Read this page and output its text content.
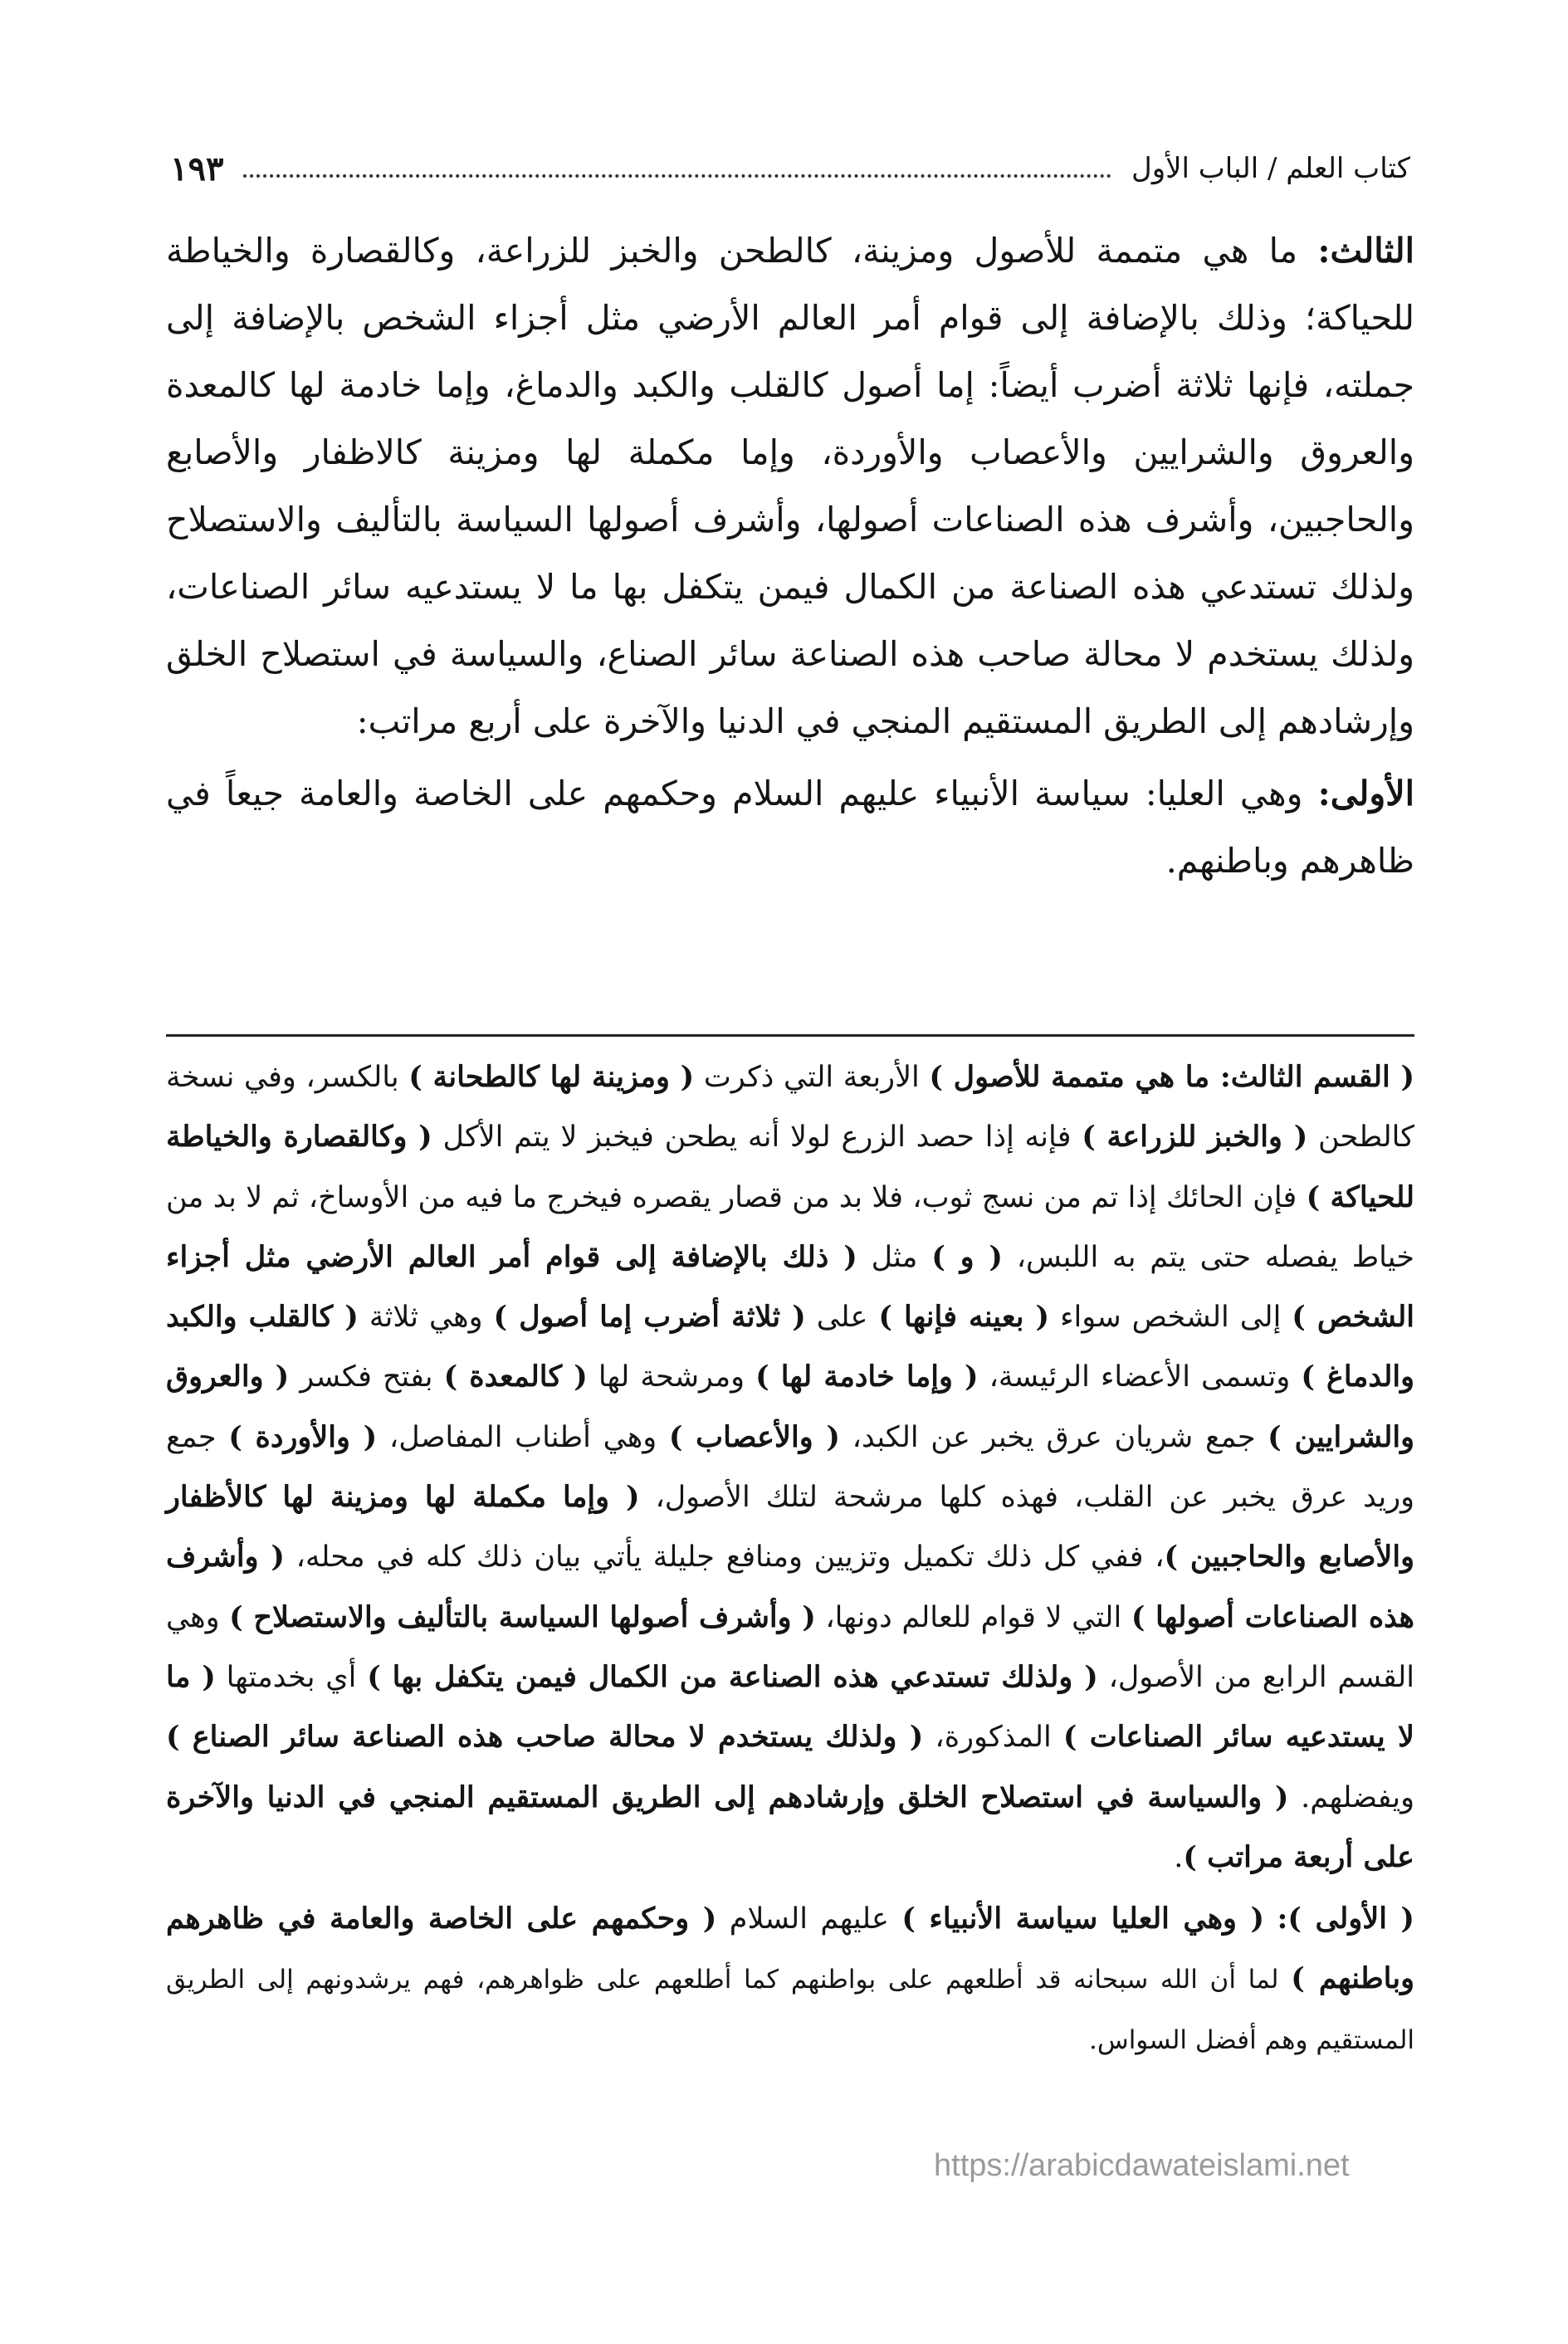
كتاب العلم / الباب الأول
١٩٣

الثالث: ما هي متممة للأصول ومزينة، كالطحن والخبز للزراعة، وكالقصارة والخياطة للحياكة؛ وذلك بالإضافة إلى قوام أمر العالم الأرضي مثل أجزاء الشخص بالإضافة إلى جملته، فإنها ثلاثة أضرب أيضاً: إما أصول كالقلب والكبد والدماغ، وإما خادمة لها كالمعدة والعروق والشرايين والأعصاب والأوردة، وإما مكملة لها ومزينة كالاظفار والأصابع والحاجبين، وأشرف هذه الصناعات أصولها، وأشرف أصولها السياسة بالتأليف والاستصلاح ولذلك تستدعي هذه الصناعة من الكمال فيمن يتكفل بها ما لا يستدعيه سائر الصناعات، ولذلك يستخدم لا محالة صاحب هذه الصناعة سائر الصناع، والسياسة في استصلاح الخلق وإرشادهم إلى الطريق المستقيم المنجي في الدنيا والآخرة على أربع مراتب:

الأولى: وهي العليا: سياسة الأنبياء عليهم السلام وحكمهم على الخاصة والعامة جيعاً في ظاهرهم وباطنهم.

( القسم الثالث: ما هي متممة للأصول ) الأربعة التي ذكرت ( ومزينة لها كالطحانة ) بالكسر، وفي نسخة كالطحن ( والخبز للزراعة ) فإنه إذا حصد الزرع لولا أنه يطحن فيخبز لا يتم الأكل ( وكالقصارة والخياطة للحياكة ) فإن الحائك إذا تم من نسج ثوب، فلا بد من قصار يقصره فيخرج ما فيه من الأوساخ، ثم لا بد من خياط يفصله حتى يتم به اللبس، ( و ) مثل ( ذلك بالإضافة إلى قوام أمر العالم الأرضي مثل أجزاء الشخص ) إلى الشخص سواء ( بعينه فإنها ) على ( ثلاثة أضرب إما أصول ) وهي ثلاثة ( كالقلب والكبد والدماغ ) وتسمى الأعضاء الرئيسة، ( وإما خادمة لها ) ومرشحة لها ( كالمعدة ) بفتح فكسر ( والعروق والشرايين ) جمع شريان عرق يخبر عن الكبد، ( والأعصاب ) وهي أطناب المفاصل، ( والأوردة ) جمع وريد عرق يخبر عن القلب، فهذه كلها مرشحة لتلك الأصول، ( وإما مكملة لها ومزينة لها كالأظفار والأصابع والحاجبين )، ففي كل ذلك تكميل وتزيين ومنافع جليلة يأتي بيان ذلك كله في محله، ( وأشرف هذه الصناعات أصولها ) التي لا قوام للعالم دونها، ( وأشرف أصولها السياسة بالتأليف والاستصلاح ) وهي القسم الرابع من الأصول، ( ولذلك تستدعي هذه الصناعة من الكمال فيمن يتكفل بها ) أي بخدمتها ( ما لا يستدعيه سائر الصناعات ) المذكورة، ( ولذلك يستخدم لا محالة صاحب هذه الصناعة سائر الصناع ) ويفضلهم. ( والسياسة في استصلاح الخلق وإرشادهم إلى الطريق المستقيم المنجي في الدنيا والآخرة على أربعة مراتب ).

( الأولى ): ( وهي العليا سياسة الأنبياء ) عليهم السلام ( وحكمهم على الخاصة والعامة في ظاهرهم وباطنهم ) لما أن الله سبحانه قد أطلعهم على بواطنهم كما أطلعهم على ظواهرهم، فهم يرشدونهم إلى الطريق المستقيم وهم أفضل السواس.

https://arabicdawateislami.net
